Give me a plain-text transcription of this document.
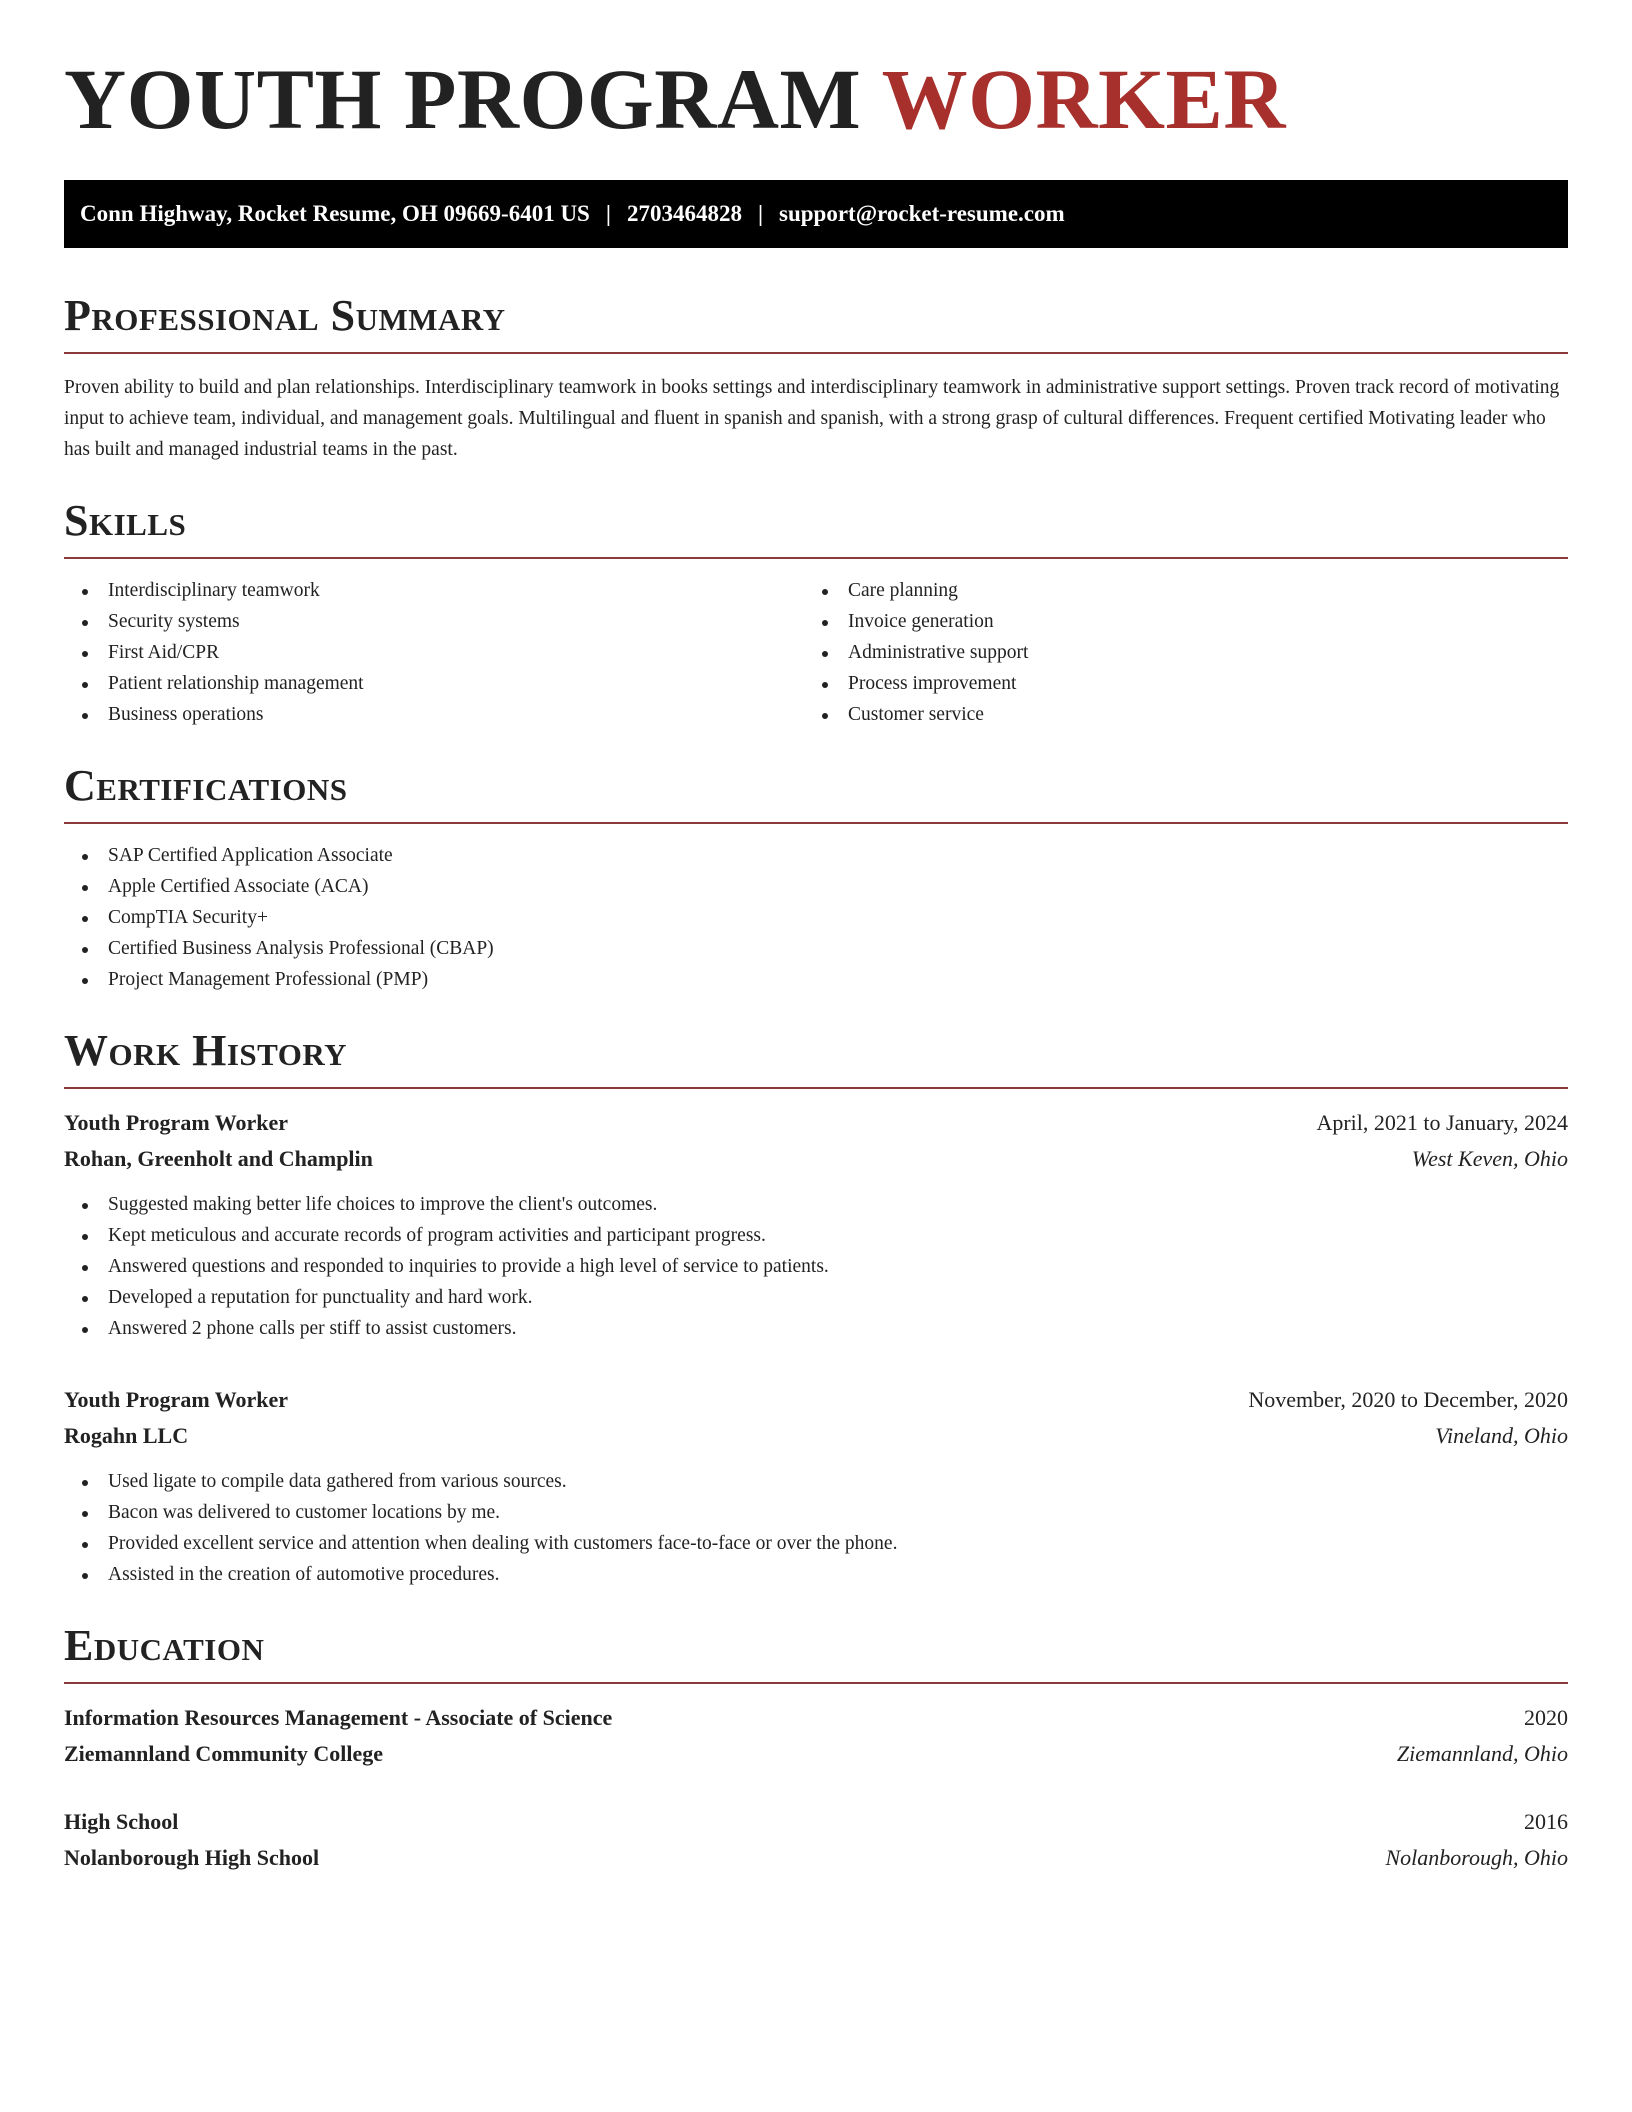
YOUTH PROGRAM WORKER
Conn Highway, Rocket Resume, OH 09669-6401 US | 2703464828 | support@rocket-resume.com
Professional Summary

Proven ability to build and plan relationships. Interdisciplinary teamwork in books settings and interdisciplinary teamwork in administrative support settings. Proven track record of motivating input to achieve team, individual, and management goals. Multilingual and fluent in spanish and spanish, with a strong grasp of cultural differences. Frequent certified Motivating leader who has built and managed industrial teams in the past.

Skills
Interdisciplinary teamwork
Security systems
First Aid/CPR
Patient relationship management
Business operations
Care planning
Invoice generation
Administrative support
Process improvement
Customer service
Certifications
SAP Certified Application Associate
Apple Certified Associate (ACA)
CompTIA Security+
Certified Business Analysis Professional (CBAP)
Project Management Professional (PMP)
Work History
Youth Program Worker	April, 2021 to January, 2024
Rohan, Greenholt and Champlin	West Keven, Ohio
Suggested making better life choices to improve the client's outcomes.
Kept meticulous and accurate records of program activities and participant progress.
Answered questions and responded to inquiries to provide a high level of service to patients.
Developed a reputation for punctuality and hard work.
Answered 2 phone calls per stiff to assist customers.
Youth Program Worker	November, 2020 to December, 2020
Rogahn LLC	Vineland, Ohio
Used ligate to compile data gathered from various sources.
Bacon was delivered to customer locations by me.
Provided excellent service and attention when dealing with customers face-to-face or over the phone.
Assisted in the creation of automotive procedures.
Education
Information Resources Management - Associate of Science	2020
Ziemannland Community College	Ziemannland, Ohio
High School	2016
Nolanborough High School	Nolanborough, Ohio
